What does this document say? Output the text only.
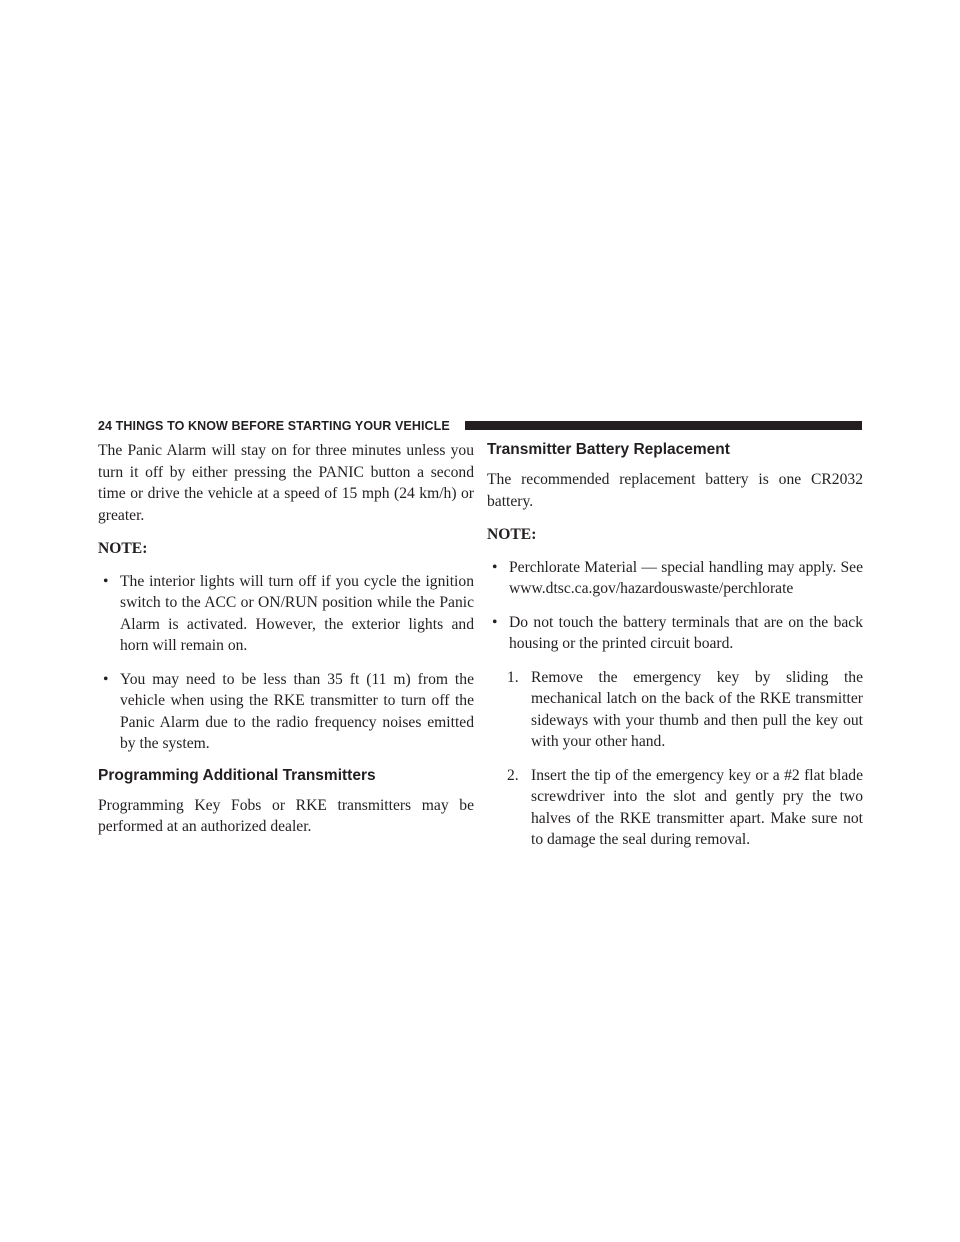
24 THINGS TO KNOW BEFORE STARTING YOUR VEHICLE

The Panic Alarm will stay on for three minutes unless you turn it off by either pressing the PANIC button a second time or drive the vehicle at a speed of 15 mph (24 km/h) or greater.

NOTE:
• The interior lights will turn off if you cycle the ignition switch to the ACC or ON/RUN position while the Panic Alarm is activated. However, the exterior lights and horn will remain on.
• You may need to be less than 35 ft (11 m) from the vehicle when using the RKE transmitter to turn off the Panic Alarm due to the radio frequency noises emitted by the system.
Programming Additional Transmitters

Programming Key Fobs or RKE transmitters may be performed at an authorized dealer.

Transmitter Battery Replacement

The recommended replacement battery is one CR2032 battery.

NOTE:
• Perchlorate Material — special handling may apply. See www.dtsc.ca.gov/hazardouswaste/perchlorate
• Do not touch the battery terminals that are on the back housing or the printed circuit board.
1. Remove the emergency key by sliding the mechanical latch on the back of the RKE transmitter sideways with your thumb and then pull the key out with your other hand.
2. Insert the tip of the emergency key or a #2 flat blade screwdriver into the slot and gently pry the two halves of the RKE transmitter apart. Make sure not to damage the seal during removal.
